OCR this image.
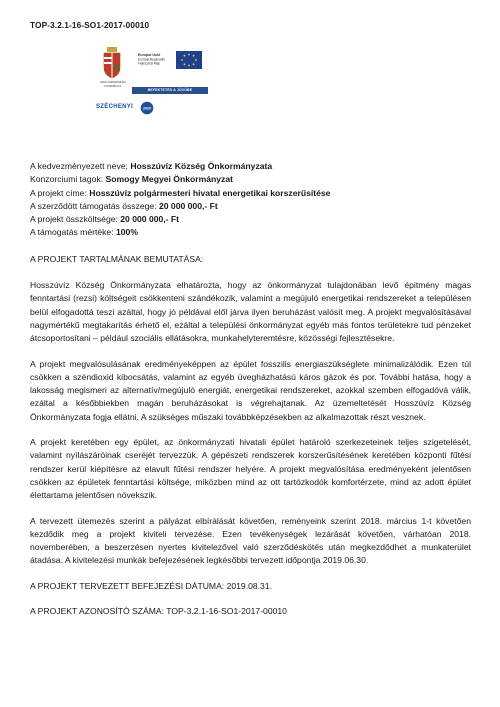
TOP-3.2.1-16-SO1-2017-00010
MAGYARORSZÁG KORMÁNYA
Európai Unió
Európai Regionális
Fejlesztési Alap
BEFEKTETÉS A JÖVŐBE
SZÉCHENYI	2020

A kedvezményezett neve: Hosszúvíz Község Önkormányzata

Konzorciumi tagok: Somogy Megyei Önkormányzat

A projekt címe: Hosszúvíz polgármesteri hivatal energetikai korszerűsítése

A szerződött támogatás összege: 20 000 000,- Ft

A projekt összköltsége: 20 000 000,- Ft

A támogatás mértéke: 100%

A PROJEKT TARTALMÁNAK BEMUTATÁSA:

Hosszúvíz Község Önkormányzata elhatározta, hogy az önkormányzat tulajdonában levő épitmény magas fenntartási (rezsi) költségeit csökkenteni szándékozik, valamint a megújuló energetikai rendszereket a településen belül elfogadottá teszi azáltal, hogy jó példával elől járva ilyen beruházást valósít meg. A projekt megvalósításával nagymértékű megtakarítás érhető el, ezáltal a települési önkormányzat egyéb más fontos területekre tud pénzeket átcsoportosítani – például szociális ellátásokra, munkahelyteremtésre, közösségi fejlesztésekre.

A projekt megvalósulásának eredményeképpen az épület fosszilis energiaszükséglete minimalizálódik. Ezen túl csökken a széndioxid kibocsátás, valamint az egyéb üvegházhatású káros gázok és por. További hatása, hogy a lakosság megismeri az alternatív/megújuló energiát, energetikai rendszereket, azokkal szemben elfogadóvá válik, ezáltal a későbbiekben magán beruházásokat is végrehajtanak. Az üzemeltetését Hosszúvíz Község Önkormányzata fogja ellátni. A szükséges műszaki továbbképzésekben az alkalmazottak részt vesznek.

A projekt keretében egy épület, az önkormányzati hivatali épület határoló szerkezeteinek teljes szigetelését, valamint nyílászáróinak cseréjét tervezzük. A gépészeti rendszerek korszerűsítésének keretében központi fűtési rendszer kerül kiépítésre az elavult fűtési rendszer helyére. A projekt megvalósítása eredményeként jelentősen csökken az épületek fenntartási költsége, miközben mind az ott tartózkodók komfortérzete, mind az adott épület élettartama jelentősen növekszik.

A tervezett ütemezés szerint a pályázat elbírálását követően, reményeink szerint 2018. március 1-t követően kezdődik meg a projekt kiviteli tervezése. Ezen tevékenységek lezárását követően, várhatóan 2018. novemberében, a beszerzésen nyertes kivitelezővel való szerződéskötés után megkezdődhet a munkaterület átadása. A kivitelezési munkák befejezésének legkésőbbi tervezett időpontja 2019.06.30.

A PROJEKT TERVEZETT BEFEJEZÉSI DÁTUMA: 2019.08.31.

A PROJEKT AZONOSÍTÓ SZÁMA: TOP-3.2.1-16-SO1-2017-00010
